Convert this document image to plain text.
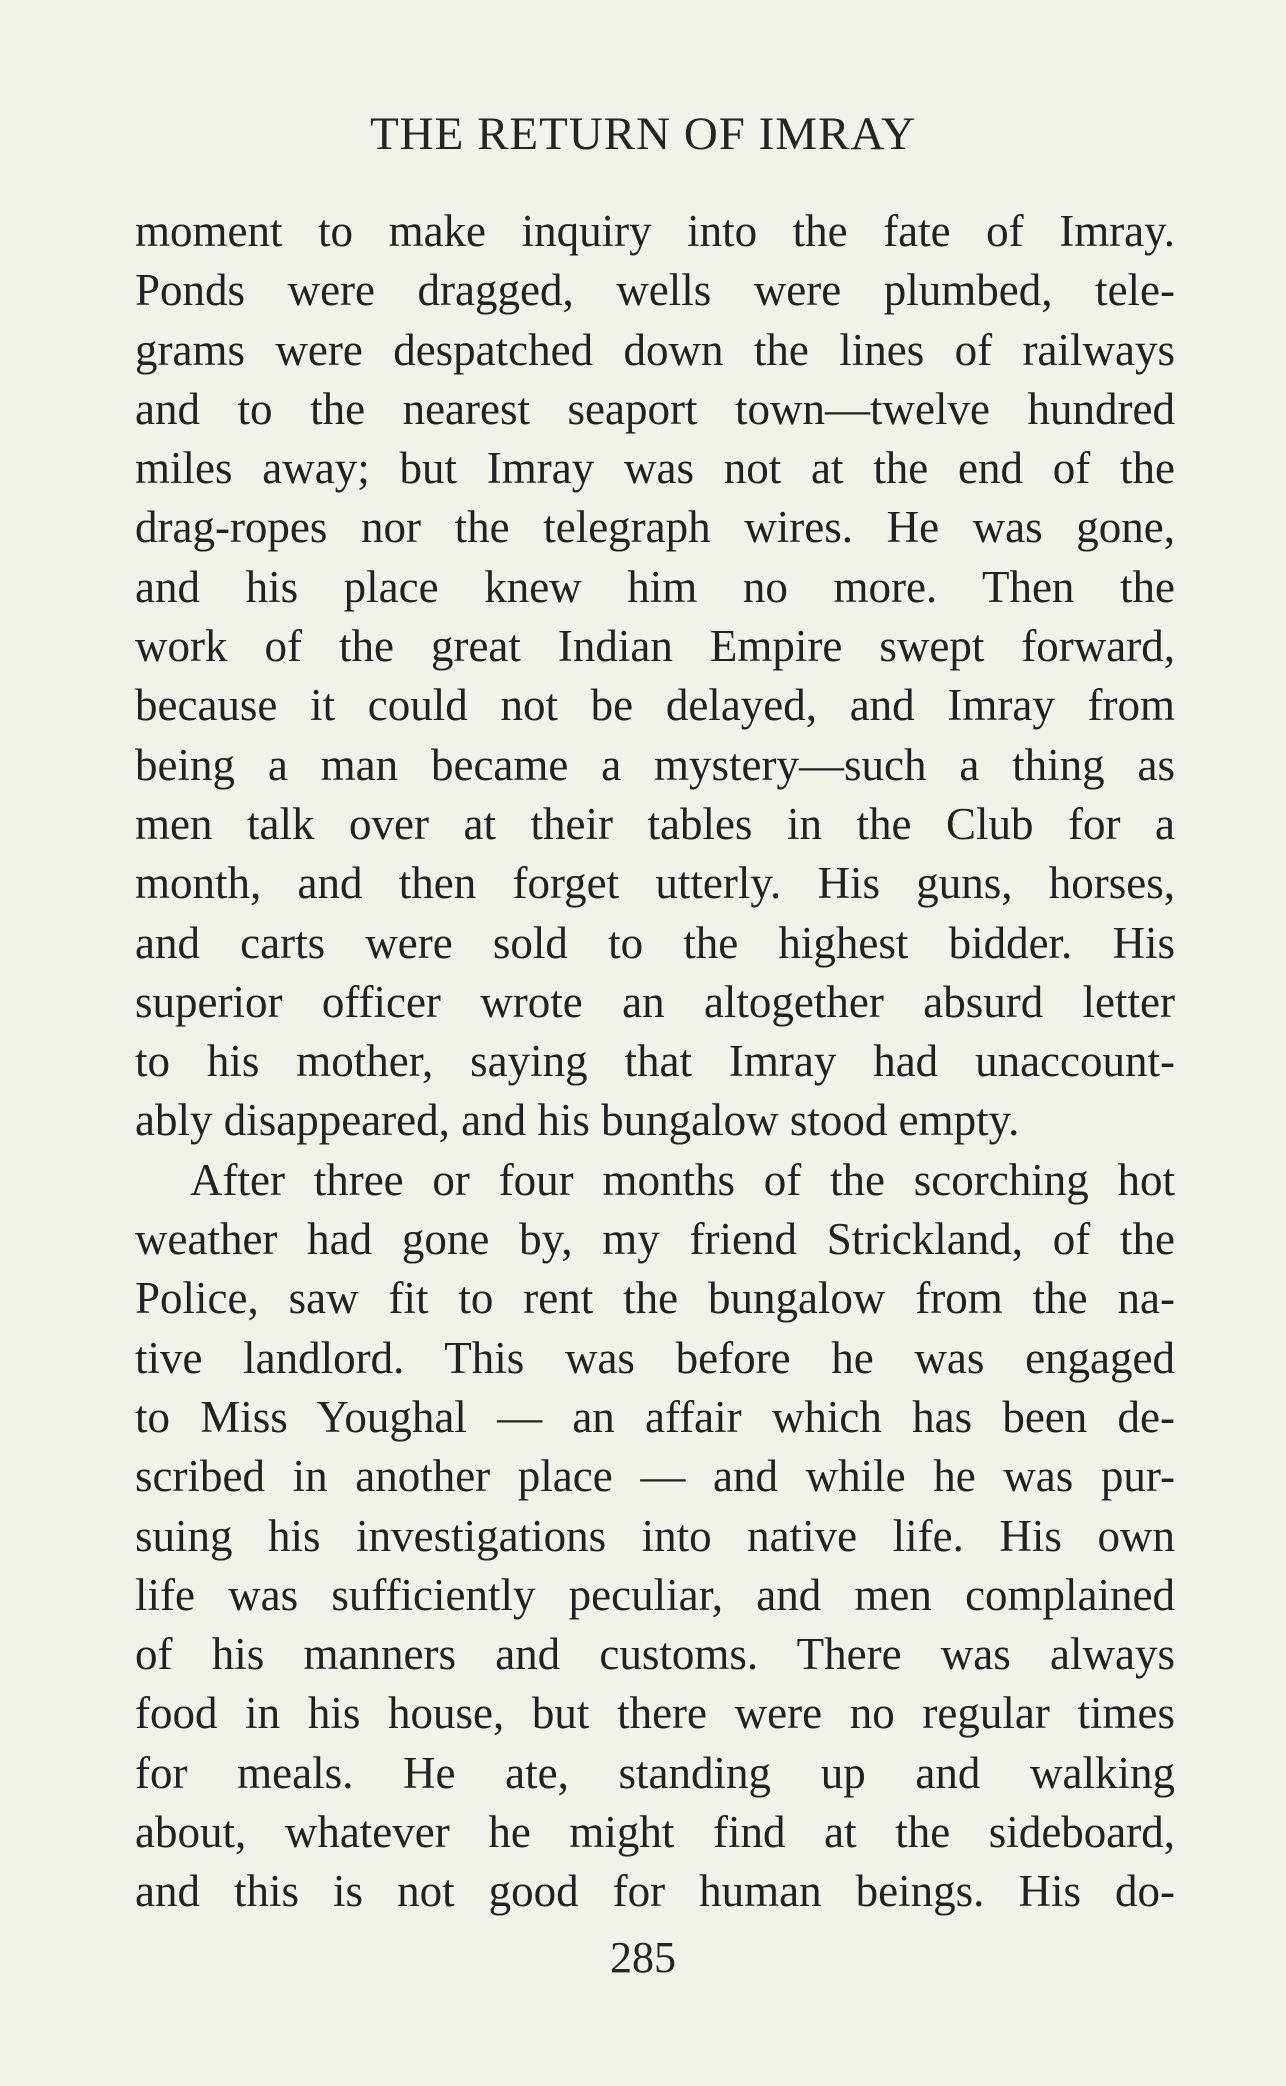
THE RETURN OF IMRAY
moment to make inquiry into the fate of Imray.
Ponds were dragged, wells were plumbed, tele-
grams were despatched down the lines of railways
and to the nearest seaport town—twelve hundred
miles away; but Imray was not at the end of the
drag-ropes nor the telegraph wires. He was gone,
and his place knew him no more. Then the
work of the great Indian Empire swept forward,
because it could not be delayed, and Imray from
being a man became a mystery—such a thing as
men talk over at their tables in the Club for a
month, and then forget utterly. His guns, horses,
and carts were sold to the highest bidder. His
superior officer wrote an altogether absurd letter
to his mother, saying that Imray had unaccount-
ably disappeared, and his bungalow stood empty.
After three or four months of the scorching hot
weather had gone by, my friend Strickland, of the
Police, saw fit to rent the bungalow from the na-
tive landlord. This was before he was engaged
to Miss Youghal — an affair which has been de-
scribed in another place — and while he was pur-
suing his investigations into native life. His own
life was sufficiently peculiar, and men complained
of his manners and customs. There was always
food in his house, but there were no regular times
for meals. He ate, standing up and walking
about, whatever he might find at the sideboard,
and this is not good for human beings. His do-
285
